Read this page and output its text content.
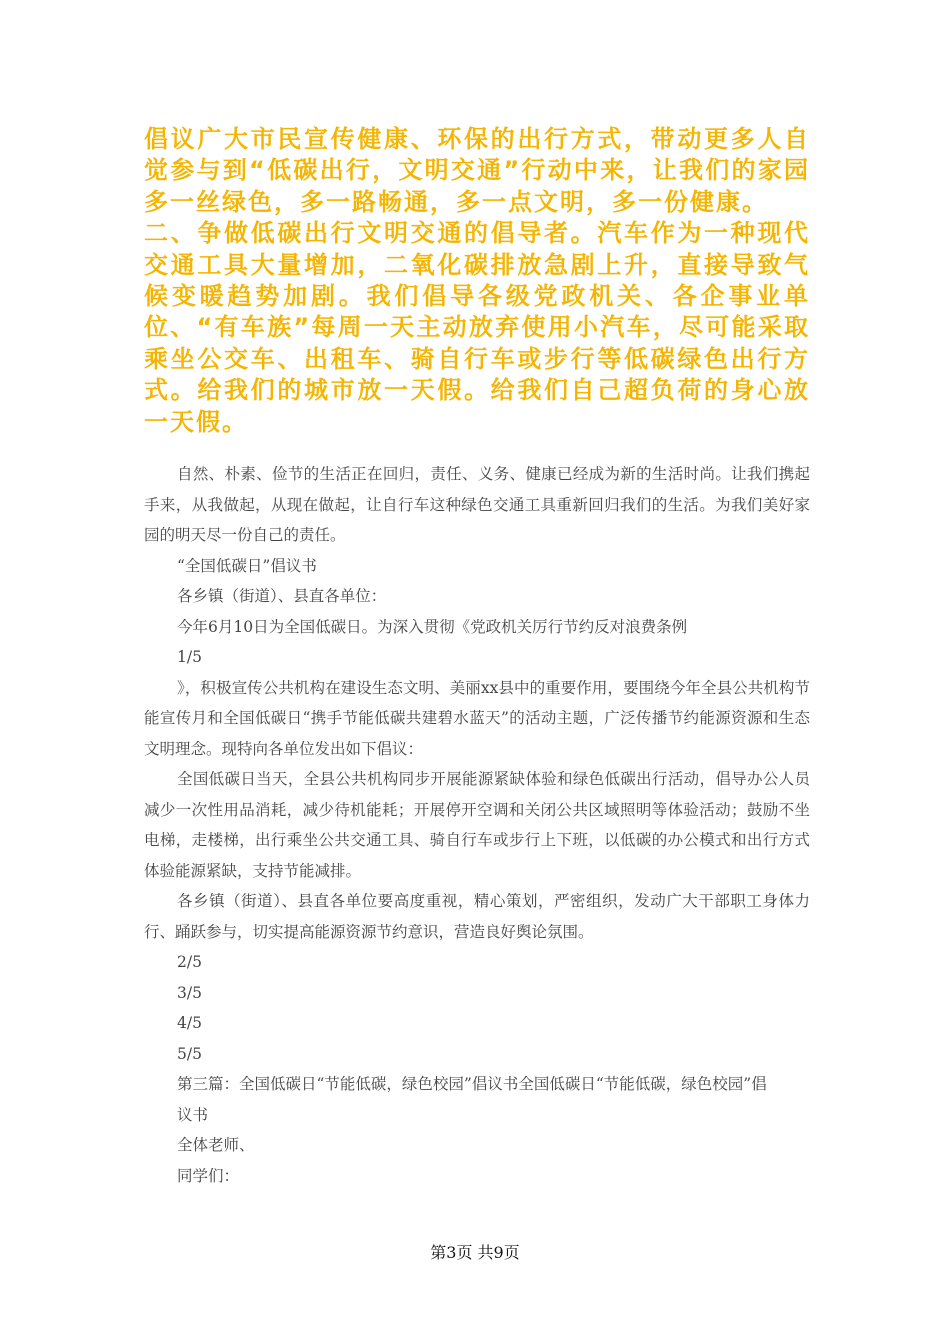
倡议广大市民宣传健康、环保的出行方式，带动更多人自觉参与到“低碳出行，文明交通”行动中来，让我们的家园多一丝绿色，多一路畅通，多一点文明，多一份健康。

二、争做低碳出行文明交通的倡导者。汽车作为一种现代交通工具大量增加，二氧化碳排放急剧上升，直接导致气候变暖趋势加剧。我们倡导各级党政机关、各企事业单位、“有车族”每周一天主动放弃使用小汽车，尽可能采取乘坐公交车、出租车、骑自行车或步行等低碳绿色出行方式。给我们的城市放一天假。给我们自己超负荷的身心放一天假。

自然、朴素、俭节的生活正在回归，责任、义务、健康已经成为新的生活时尚。让我们携起手来，从我做起，从现在做起，让自行车这种绿色交通工具重新回归我们的生活。为我们美好家园的明天尽一份自己的责任。

“全国低碳日”倡议书

各乡镇（街道）、县直各单位：

今年6月10日为全国低碳日。为深入贯彻《党政机关厉行节约反对浪费条例

1/5

》，积极宣传公共机构在建设生态文明、美丽xx县中的重要作用，要围绕今年全县公共机构节能宣传月和全国低碳日“携手节能低碳共建碧水蓝天”的活动主题，广泛传播节约能源资源和生态文明理念。现特向各单位发出如下倡议：

全国低碳日当天，全县公共机构同步开展能源紧缺体验和绿色低碳出行活动，倡导办公人员减少一次性用品消耗，减少待机能耗；开展停开空调和关闭公共区域照明等体验活动；鼓励不坐电梯，走楼梯，出行乘坐公共交通工具、骑自行车或步行上下班，以低碳的办公模式和出行方式体验能源紧缺，支持节能减排。

各乡镇（街道）、县直各单位要高度重视，精心策划，严密组织，发动广大干部职工身体力行、踊跃参与，切实提高能源资源节约意识，营造良好舆论氛围。

2/5

3/5

4/5

5/5

第三篇：全国低碳日“节能低碳，绿色校园”倡议书全国低碳日“节能低碳，绿色校园”倡

议书

全体老师、

同学们：

第3页 共9页
